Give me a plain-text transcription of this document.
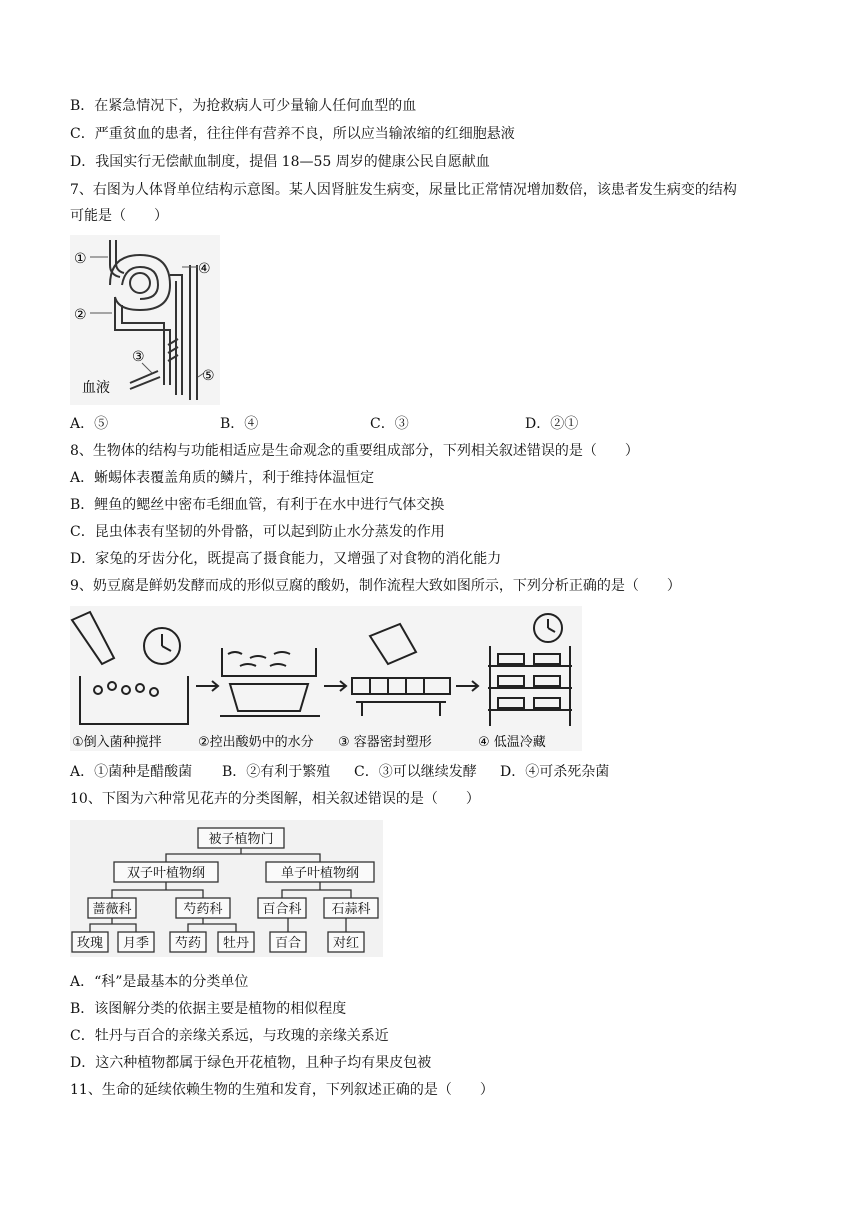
B．在紧急情况下，为抢救病人可少量输人任何血型的血
C．严重贫血的患者，往往伴有营养不良，所以应当输浓缩的红细胞悬液
D．我国实行无偿献血制度，提倡 18—55 周岁的健康公民自愿献血
7、右图为人体肾单位结构示意图。某人因肾脏发生病变，尿量比正常情况增加数倍，该患者发生病变的结构
可能是（　　）
①
②
③
④
⑤
血液
A．⑤	B．④	C．③	D．②①
8、生物体的结构与功能相适应是生命观念的重要组成部分，下列相关叙述错误的是（　　）
A．蜥蜴体表覆盖角质的鳞片，利于维持体温恒定
B．鲤鱼的鳃丝中密布毛细血管，有利于在水中进行气体交换
C．昆虫体表有坚韧的外骨骼，可以起到防止水分蒸发的作用
D．家兔的牙齿分化，既提高了摄食能力，又增强了对食物的消化能力
9、奶豆腐是鲜奶发酵而成的形似豆腐的酸奶，制作流程大致如图所示，下列分析正确的是（　　）
①倒入菌种搅拌	②控出酸奶中的水分 ③ 容器密封塑形	④ 低温冷藏
A．①菌种是醋酸菌 B．②有利于繁殖 C．③可以继续发酵 D．④可杀死杂菌
10、下图为六种常见花卉的分类图解，相关叙述错误的是（　　）
被子植物门
双子叶植物纲	单子叶植物纲
蔷薇科	芍药科	百合科 石蒜科
玫瑰 月季 芍药 牡丹 百合 对红
A．“科”是最基本的分类单位
B．该图解分类的依据主要是植物的相似程度
C．牡丹与百合的亲缘关系远，与玫瑰的亲缘关系近
D．这六种植物都属于绿色开花植物，且种子均有果皮包被
11、生命的延续依赖生物的生殖和发育，下列叙述正确的是（　　）
